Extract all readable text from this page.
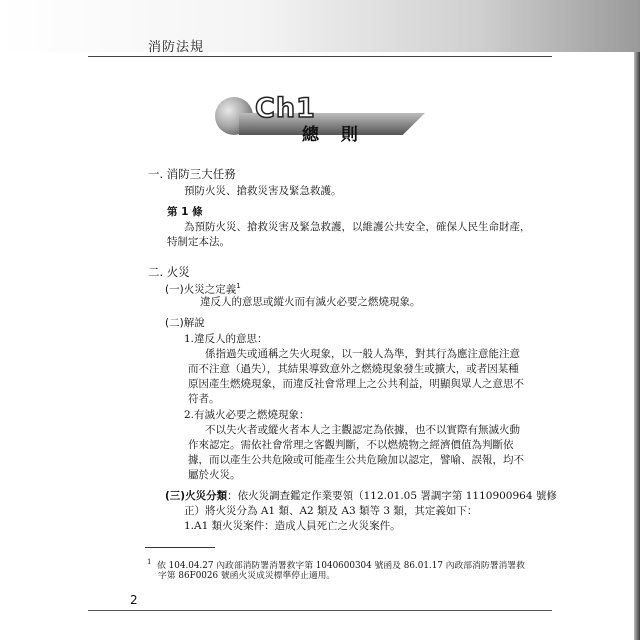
消防法規
Ch1
總 則
一. 消防三大任務
預防火災、搶救災害及緊急救護。
第 1 條
為預防火災、搶救災害及緊急救護，以維護公共安全，確保人民生命財產，
特制定本法。
二. 火災
(一)火災之定義$^1$
違反人的意思或縱火而有滅火必要之燃燒現象。
(二)解說
1.違反人的意思：
係指過失或通稱之失火現象，以一般人為準，對其行為應注意能注意
而不注意（過失），其結果導致意外之燃燒現象發生或擴大，或者因某種
原因產生燃燒現象，而違反社會常理上之公共利益，明顯與眾人之意思不
符者。
2.有滅火必要之燃燒現象：
不以失火者或縱火者本人之主觀認定為依據，也不以實際有無滅火動
作來認定。需依社會常理之客觀判斷，不以燃燒物之經濟價值為判斷依
據，而以產生公共危險或可能產生公共危險加以認定，譬喻、誤報，均不
屬於火災。
(三)火災分類：依火災調查鑑定作業要領（112.01.05 署調字第 1110900964 號修
正）將火災分為 A1 類、A2 類及 A3 類等 3 類，其定義如下：
1.A1 類火災案件：造成人員死亡之火災案件。
$^1$ 依 104.04.27 內政部消防署消署救字第 1040600304 號函及 86.01.17 內政部消防署消署救
字第 86F0026 號函火災成災標準停止適用。
2
